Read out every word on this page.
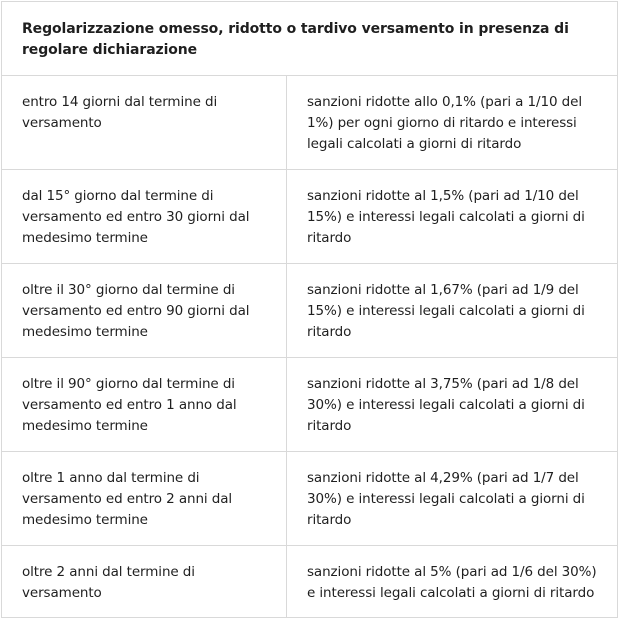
Regolarizzazione omesso, ridotto o tardivo versamento in presenza di regolare dichiarazione
entro 14 giorni dal termine di versamento
sanzioni ridotte allo 0,1% (pari a 1/10 del 1%) per ogni giorno di ritardo e interessi legali calcolati a giorni di ritardo
dal 15° giorno dal termine di versamento ed entro 30 giorni dal medesimo termine
sanzioni ridotte al 1,5% (pari ad 1/10 del 15%) e interessi legali calcolati a giorni di ritardo
oltre il 30° giorno dal termine di versamento ed entro 90 giorni dal medesimo termine
sanzioni ridotte al 1,67% (pari ad 1/9 del 15%) e interessi legali calcolati a giorni di ritardo
oltre il 90° giorno dal termine di versamento ed entro 1 anno dal medesimo termine
sanzioni ridotte al 3,75% (pari ad 1/8 del 30%) e interessi legali calcolati a giorni di ritardo
oltre 1 anno dal termine di versamento ed entro 2 anni dal medesimo termine
sanzioni ridotte al 4,29% (pari ad 1/7 del 30%) e interessi legali calcolati a giorni di ritardo
oltre 2 anni dal termine di versamento
sanzioni ridotte al 5% (pari ad 1/6 del 30%) e interessi legali calcolati a giorni di ritardo
